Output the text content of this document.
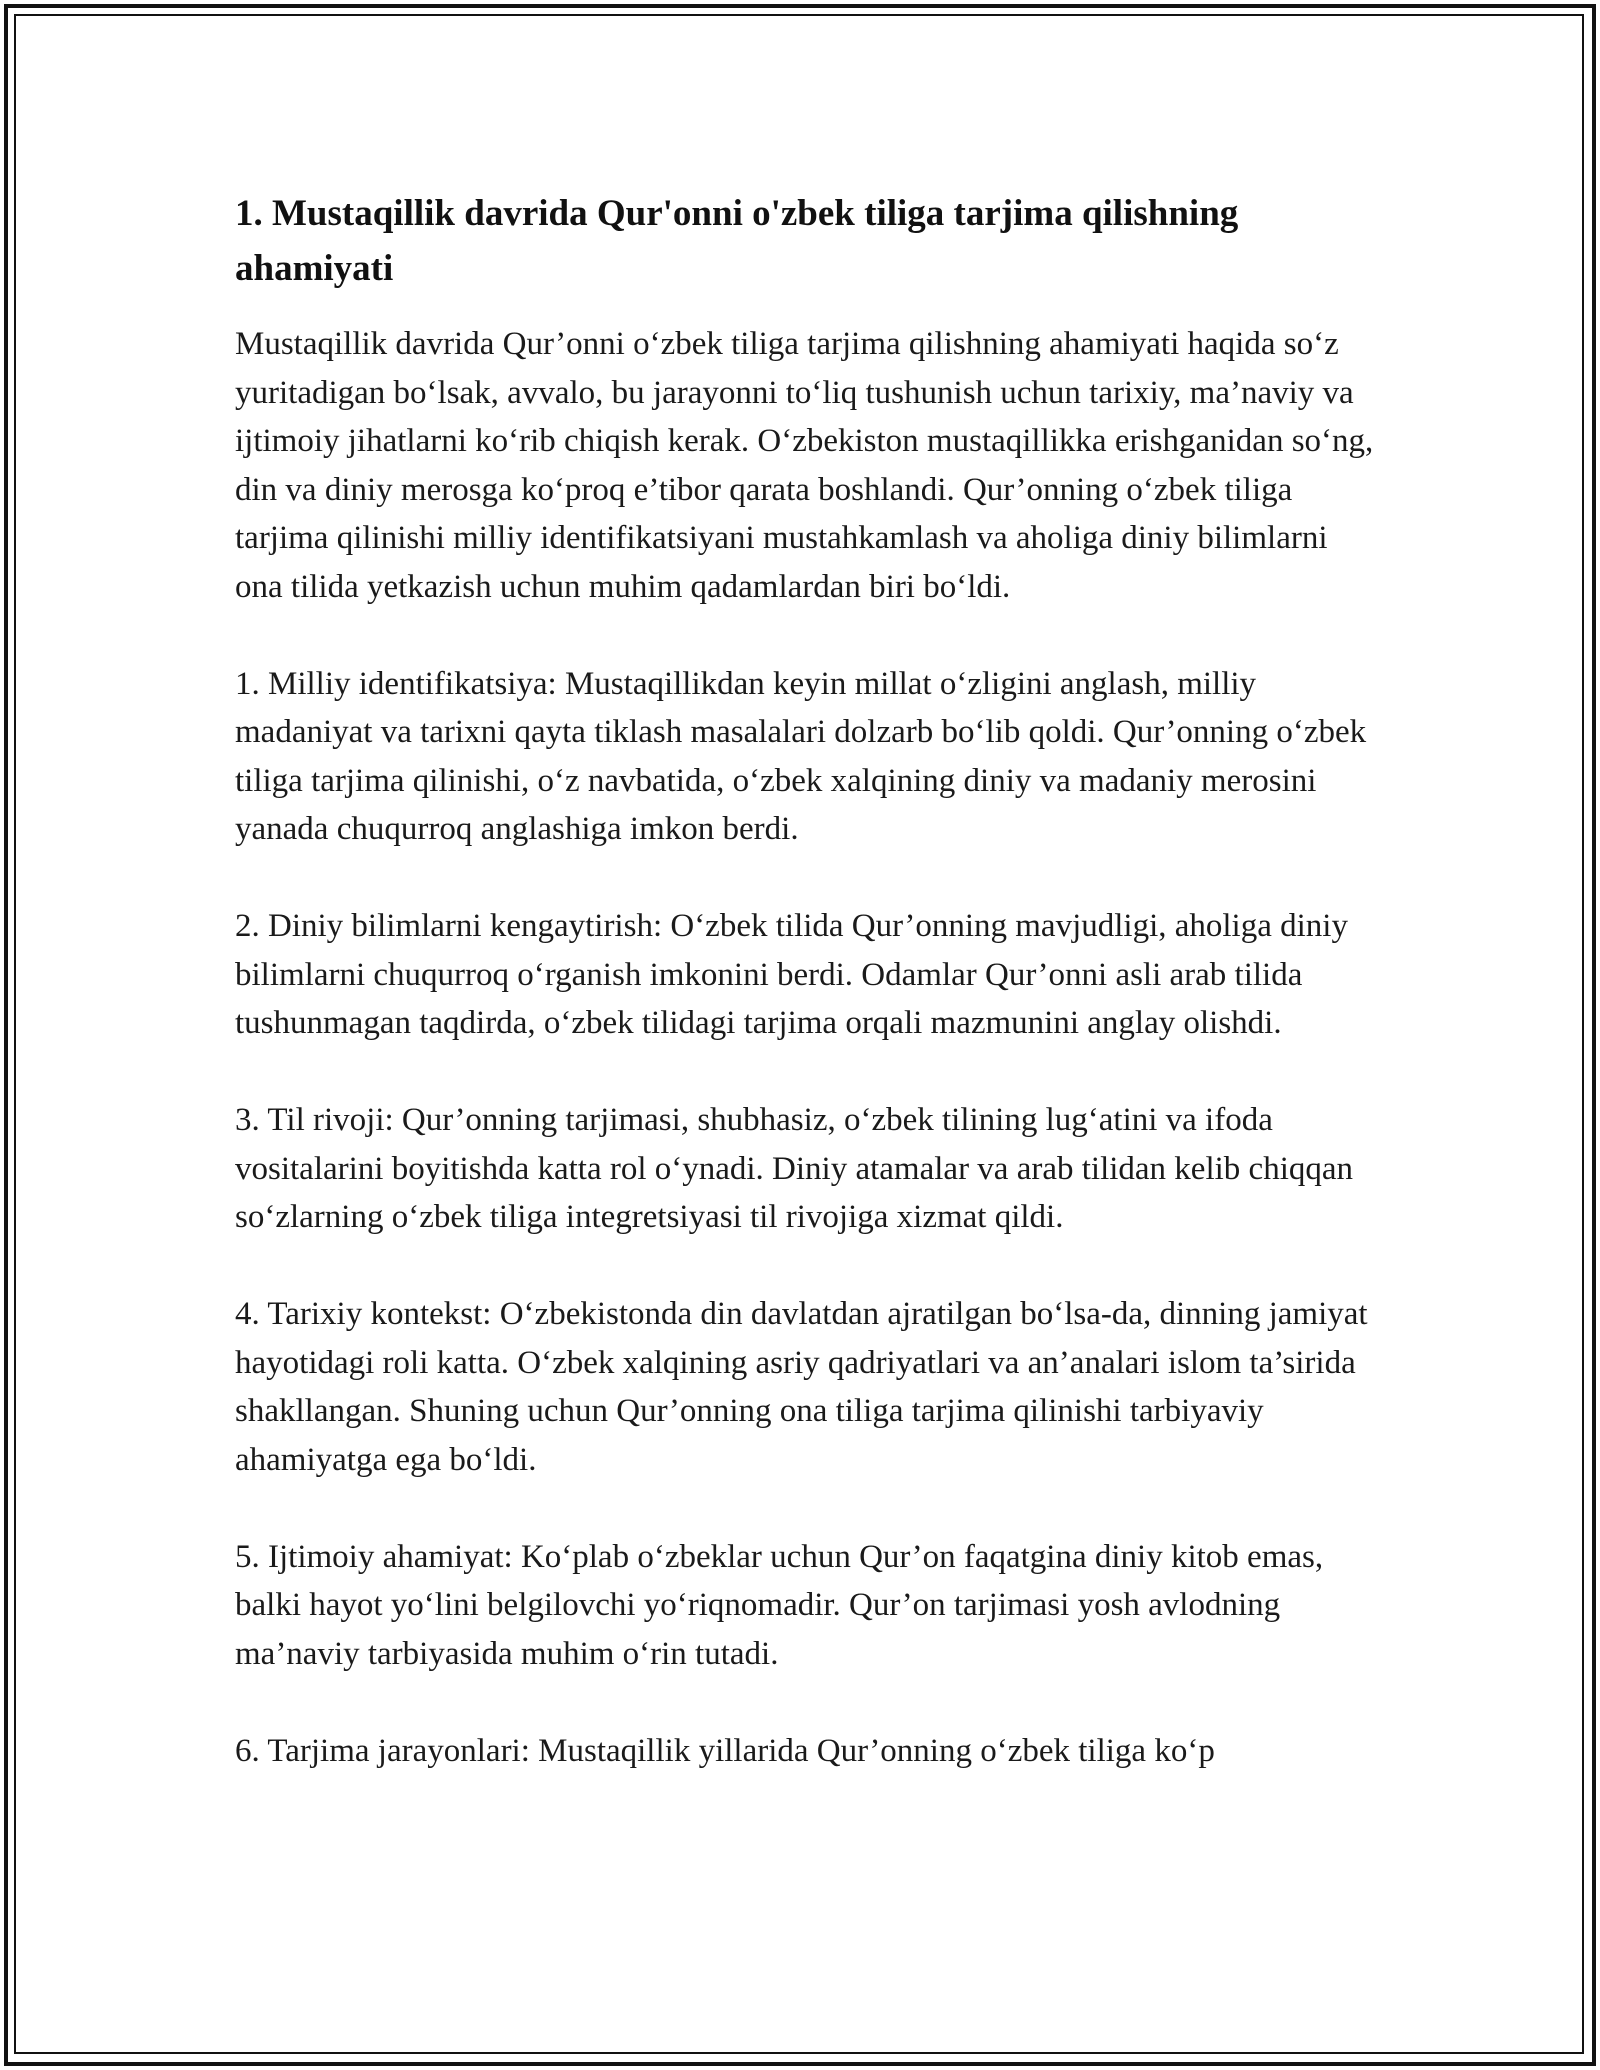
1. Mustaqillik davrida Qur'onni o'zbek tiliga tarjima qilishning ahamiyati

Mustaqillik davrida Qur’onni o‘zbek tiliga tarjima qilishning ahamiyati haqida so‘z yuritadigan bo‘lsak, avvalo, bu jarayonni to‘liq tushunish uchun tarixiy, ma’naviy va ijtimoiy jihatlarni ko‘rib chiqish kerak. O‘zbekiston mustaqillikka erishganidan so‘ng, din va diniy merosga ko‘proq e’tibor qarata boshlandi. Qur’onning o‘zbek tiliga tarjima qilinishi milliy identifikatsiyani mustahkamlash va aholiga diniy bilimlarni ona tilida yetkazish uchun muhim qadamlardan biri bo‘ldi.

1. Milliy identifikatsiya: Mustaqillikdan keyin millat o‘zligini anglash, milliy madaniyat va tarixni qayta tiklash masalalari dolzarb bo‘lib qoldi. Qur’onning o‘zbek tiliga tarjima qilinishi, o‘z navbatida, o‘zbek xalqining diniy va madaniy merosini yanada chuqurroq anglashiga imkon berdi.

2. Diniy bilimlarni kengaytirish: O‘zbek tilida Qur’onning mavjudligi, aholiga diniy bilimlarni chuqurroq o‘rganish imkonini berdi. Odamlar Qur’onni asli arab tilida tushunmagan taqdirda, o‘zbek tilidagi tarjima orqali mazmunini anglay olishdi.

3. Til rivoji: Qur’onning tarjimasi, shubhasiz, o‘zbek tilining lug‘atini va ifoda vositalarini boyitishda katta rol o‘ynadi. Diniy atamalar va arab tilidan kelib chiqqan so‘zlarning o‘zbek tiliga integretsiyasi til rivojiga xizmat qildi.

4. Tarixiy kontekst: O‘zbekistonda din davlatdan ajratilgan bo‘lsa-da, dinning jamiyat hayotidagi roli katta. O‘zbek xalqining asriy qadriyatlari va an’analari islom ta’sirida shakllangan. Shuning uchun Qur’onning ona tiliga tarjima qilinishi tarbiyaviy ahamiyatga ega bo‘ldi.

5. Ijtimoiy ahamiyat: Ko‘plab o‘zbeklar uchun Qur’on faqatgina diniy kitob emas, balki hayot yo‘lini belgilovchi yo‘riqnomadir. Qur’on tarjimasi yosh avlodning ma’naviy tarbiyasida muhim o‘rin tutadi.

6. Tarjima jarayonlari: Mustaqillik yillarida Qur’onning o‘zbek tiliga ko‘p
